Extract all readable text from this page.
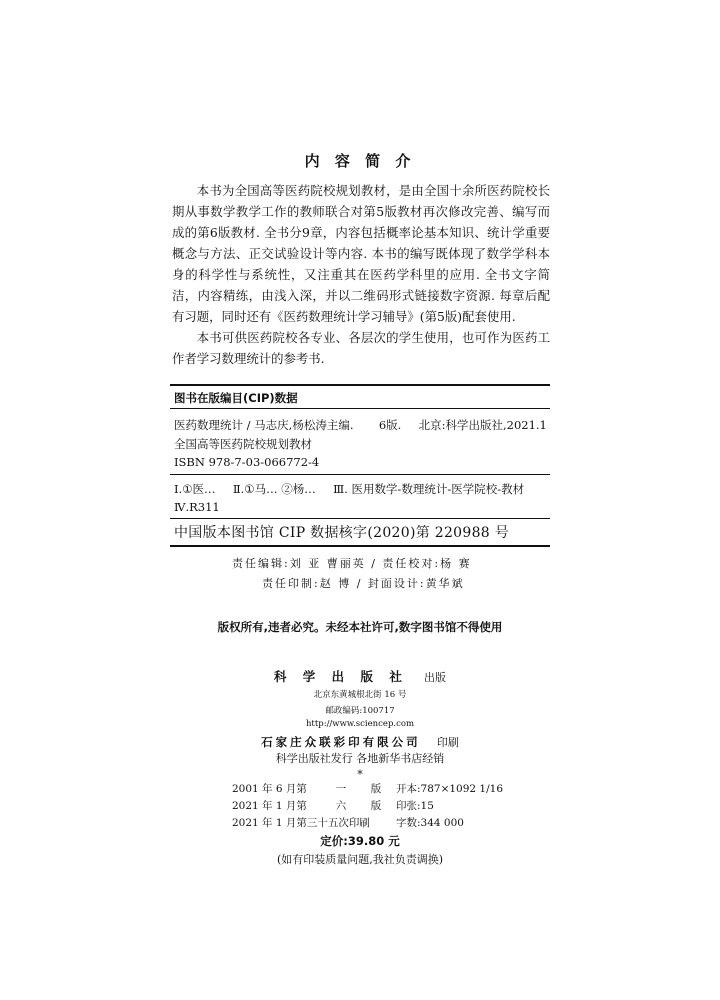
内 容 简 介

本书为全国高等医药院校规划教材，是由全国十余所医药院校长期从事数学教学工作的教师联合对第5版教材再次修改完善、编写而成的第6版教材. 全书分9章，内容包括概率论基本知识、统计学重要概念与方法、正交试验设计等内容. 本书的编写既体现了数学学科本身的科学性与系统性，又注重其在医药学科里的应用. 全书文字简洁，内容精练，由浅入深，并以二维码形式链接数字资源. 每章后配有习题，同时还有《医药数理统计学习辅导》(第5版)配套使用.

本书可供医药院校各专业、各层次的学生使用，也可作为医药工作者学习数理统计的参考书.

图书在版编目(CIP)数据
医药数理统计 / 马志庆,杨松涛主编. 6版. 北京:科学出版社,2021.1
全国高等医药院校规划教材
ISBN 978-7-03-066772-4
Ⅰ.①医… Ⅱ.①马… ②杨… Ⅲ. 医用数学-数理统计-医学院校-教材
Ⅳ.R311
中国版本图书馆 CIP 数据核字(2020)第 220988 号
责任编辑:刘 亚 曹丽英 / 责任校对:杨 赛
责任印制:赵 博 / 封面设计:黄华斌
版权所有,违者必究。未经本社许可,数字图书馆不得使用
科 学 出 版 社 出版
北京东黄城根北街 16 号
邮政编码:100717
http://www.sciencep.com
石家庄众联彩印有限公司 印刷
科学出版社发行 各地新华书店经销
*
2001 年 6 月第	一 版 开本:787×1092 1/16
2021 年 1 月第	六 版 印张:15
2021 年 1 月第三十五次印刷 字数:344 000
定价:39.80 元
(如有印装质量问题,我社负责调换)
